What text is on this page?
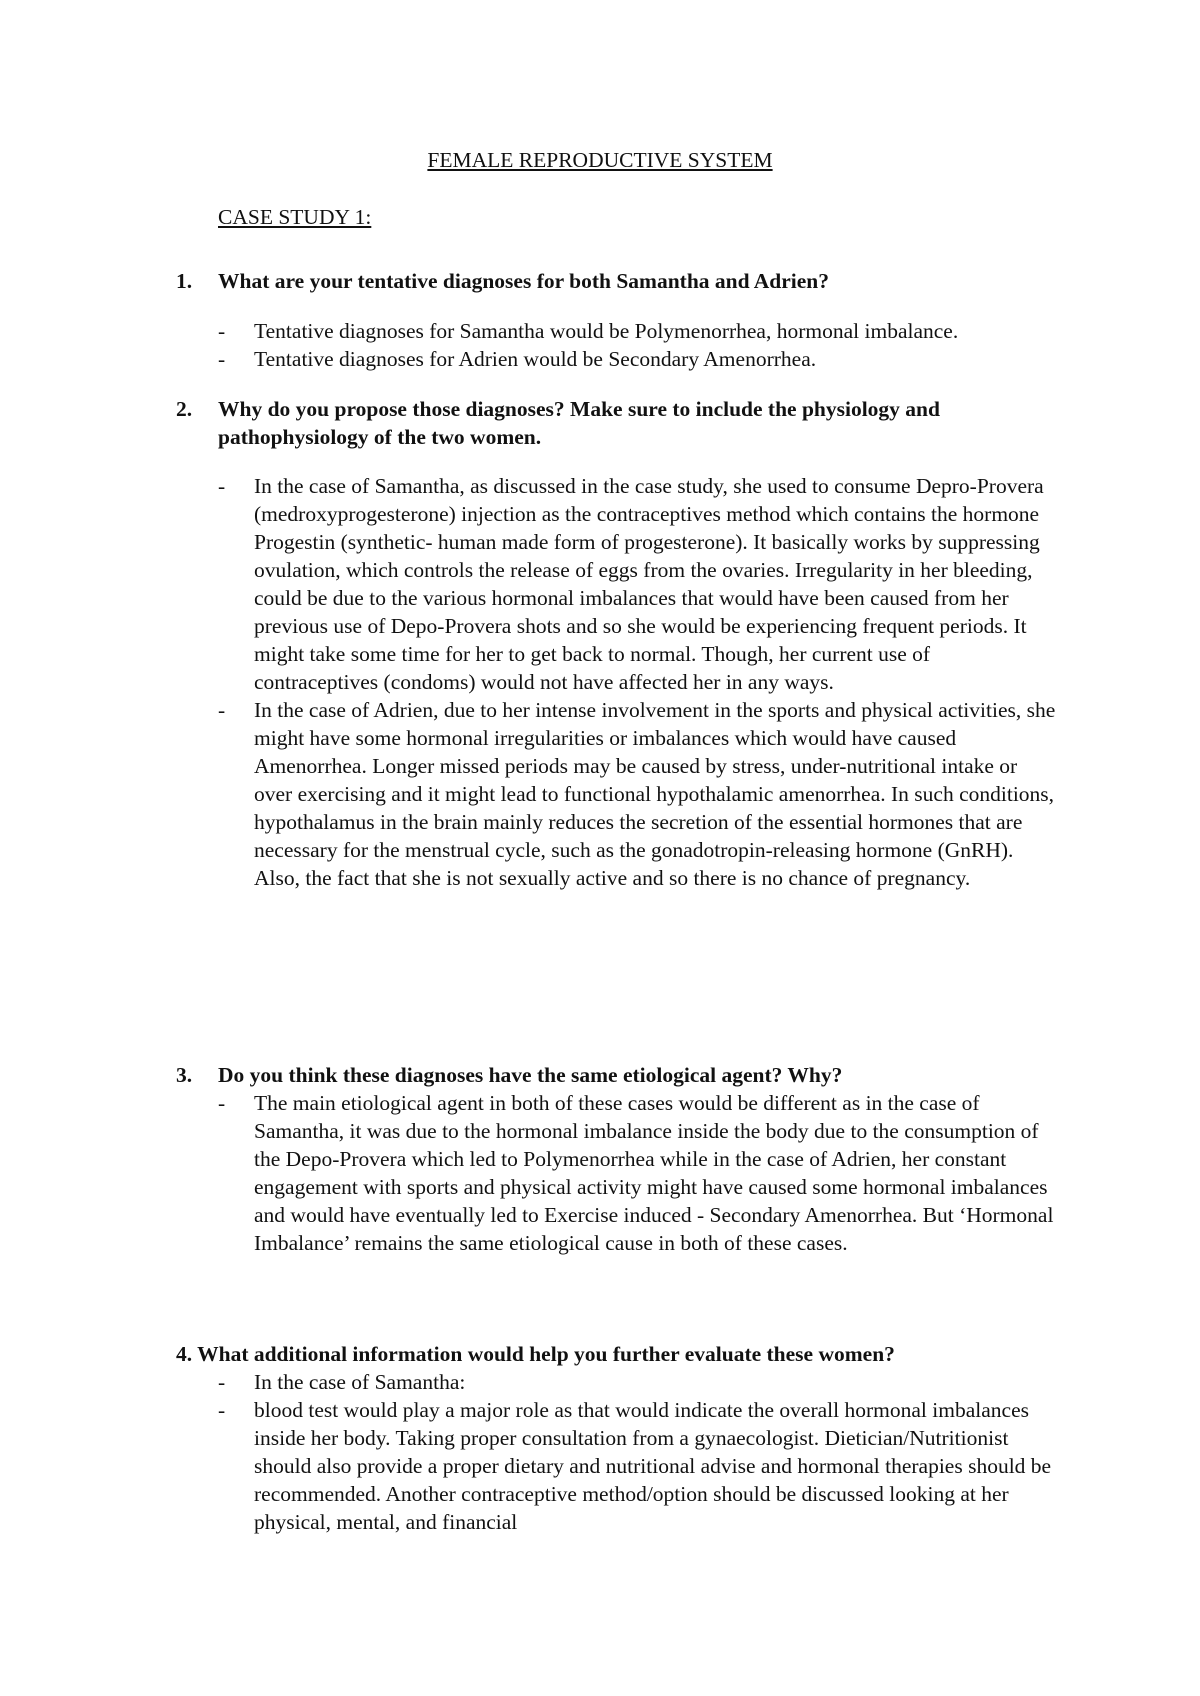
FEMALE REPRODUCTIVE SYSTEM
CASE STUDY 1:
1. What are your tentative diagnoses for both Samantha and Adrien?
- Tentative diagnoses for Samantha would be Polymenorrhea, hormonal imbalance.
- Tentative diagnoses for Adrien would be Secondary Amenorrhea.
2. Why do you propose those diagnoses? Make sure to include the physiology and pathophysiology of the two women.
- In the case of Samantha, as discussed in the case study, she used to consume Depro-Provera (medroxyprogesterone) injection as the contraceptives method which contains the hormone Progestin (synthetic- human made form of progesterone). It basically works by suppressing ovulation, which controls the release of eggs from the ovaries. Irregularity in her bleeding, could be due to the various hormonal imbalances that would have been caused from her previous use of Depo-Provera shots and so she would be experiencing frequent periods. It might take some time for her to get back to normal. Though, her current use of contraceptives (condoms) would not have affected her in any ways.
- In the case of Adrien, due to her intense involvement in the sports and physical activities, she might have some hormonal irregularities or imbalances which would have caused Amenorrhea. Longer missed periods may be caused by stress, under-nutritional intake or over exercising and it might lead to functional hypothalamic amenorrhea. In such conditions, hypothalamus in the brain mainly reduces the secretion of the essential hormones that are necessary for the menstrual cycle, such as the gonadotropin-releasing hormone (GnRH). Also, the fact that she is not sexually active and so there is no chance of pregnancy.
3. Do you think these diagnoses have the same etiological agent? Why?
- The main etiological agent in both of these cases would be different as in the case of Samantha, it was due to the hormonal imbalance inside the body due to the consumption of the Depo-Provera which led to Polymenorrhea while in the case of Adrien, her constant engagement with sports and physical activity might have caused some hormonal imbalances and would have eventually led to Exercise induced - Secondary Amenorrhea. But ‘Hormonal Imbalance’ remains the same etiological cause in both of these cases.
4. What additional information would help you further evaluate these women?
- In the case of Samantha:
- blood test would play a major role as that would indicate the overall hormonal imbalances inside her body. Taking proper consultation from a gynaecologist. Dietician/Nutritionist should also provide a proper dietary and nutritional advise and hormonal therapies should be recommended. Another contraceptive method/option should be discussed looking at her physical, mental, and financial
